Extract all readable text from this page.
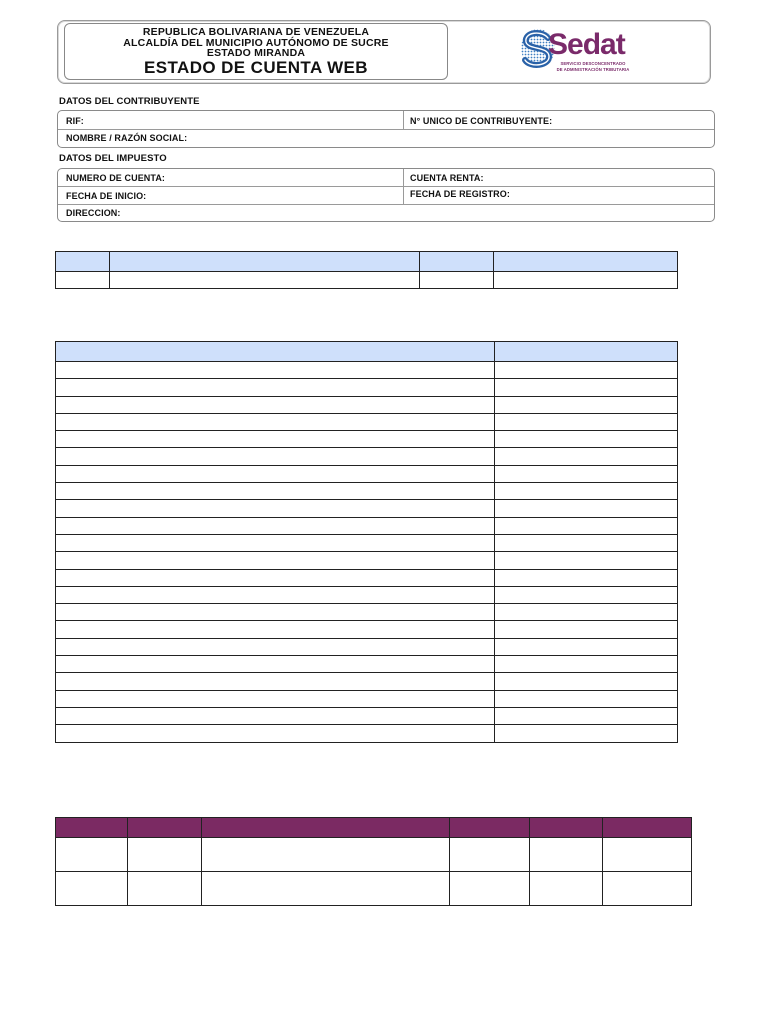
REPUBLICA BOLIVARIANA DE VENEZUELA
ALCALDÍA DEL MUNICIPIO AUTÓNOMO DE SUCRE
ESTADO MIRANDA
ESTADO DE CUENTA WEB
Sedat
SERVICIO DESCONCENTRADO
DE ADMINISTRACIÓN TRIBUTARIA
DATOS DEL CONTRIBUYENTE
RIF:	N° UNICO DE CONTRIBUYENTE:
NOMBRE / RAZÓN SOCIAL:
DATOS DEL IMPUESTO
NUMERO DE CUENTA:	CUENTA RENTA:
FECHA DE INICIO:	FECHA DE REGISTRO:
DIRECCION:
